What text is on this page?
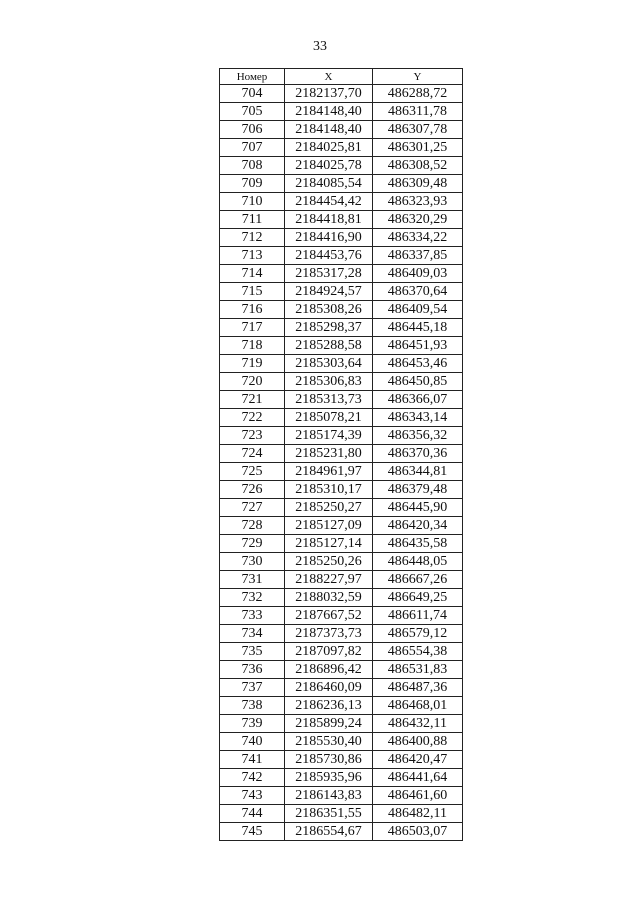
33
Номер	X	Y
704	2182137,70	486288,72
705	2184148,40	486311,78
706	2184148,40	486307,78
707	2184025,81	486301,25
708	2184025,78	486308,52
709	2184085,54	486309,48
710	2184454,42	486323,93
711	2184418,81	486320,29
712	2184416,90	486334,22
713	2184453,76	486337,85
714	2185317,28	486409,03
715	2184924,57	486370,64
716	2185308,26	486409,54
717	2185298,37	486445,18
718	2185288,58	486451,93
719	2185303,64	486453,46
720	2185306,83	486450,85
721	2185313,73	486366,07
722	2185078,21	486343,14
723	2185174,39	486356,32
724	2185231,80	486370,36
725	2184961,97	486344,81
726	2185310,17	486379,48
727	2185250,27	486445,90
728	2185127,09	486420,34
729	2185127,14	486435,58
730	2185250,26	486448,05
731	2188227,97	486667,26
732	2188032,59	486649,25
733	2187667,52	486611,74
734	2187373,73	486579,12
735	2187097,82	486554,38
736	2186896,42	486531,83
737	2186460,09	486487,36
738	2186236,13	486468,01
739	2185899,24	486432,11
740	2185530,40	486400,88
741	2185730,86	486420,47
742	2185935,96	486441,64
743	2186143,83	486461,60
744	2186351,55	486482,11
745	2186554,67	486503,07
